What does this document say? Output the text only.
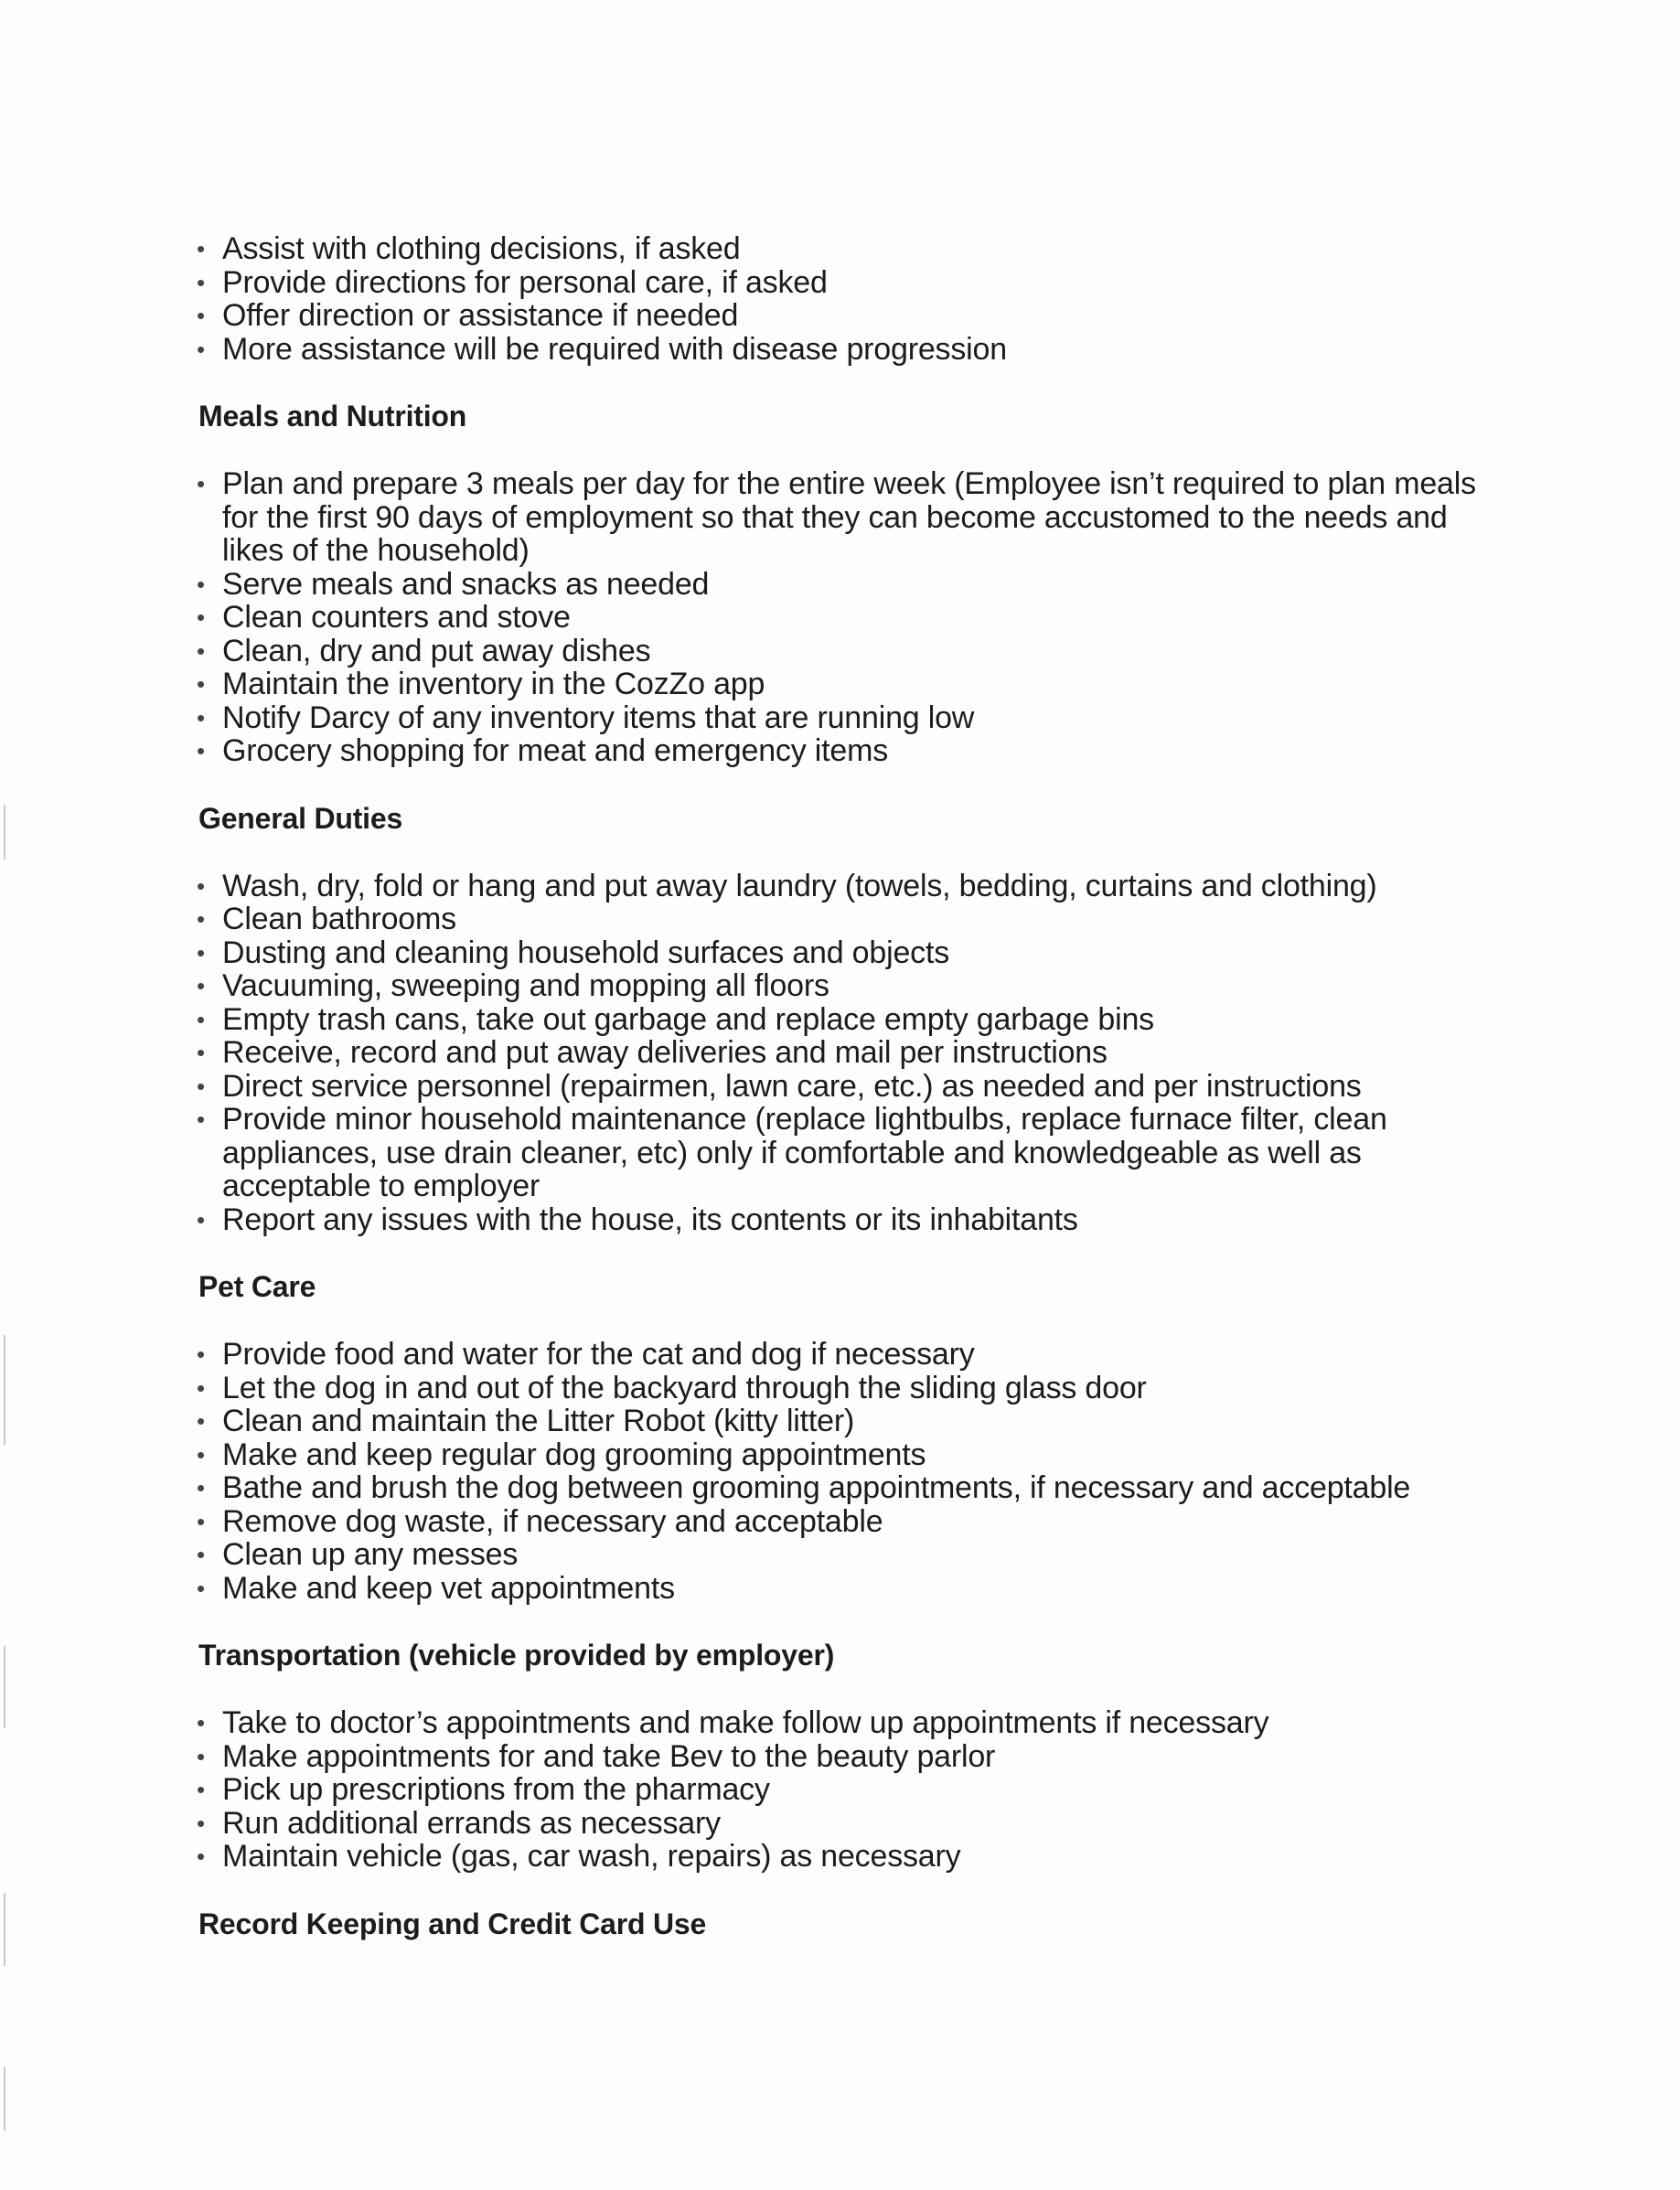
• Assist with clothing decisions, if asked
• Provide directions for personal care, if asked
• Offer direction or assistance if needed
• More assistance will be required with disease progression
Meals and Nutrition
• Plan and prepare 3 meals per day for the entire week (Employee isn’t required to plan meals for the first 90 days of employment so that they can become accustomed to the needs and likes of the household)
• Serve meals and snacks as needed
• Clean counters and stove
• Clean, dry and put away dishes
• Maintain the inventory in the CozZo app
• Notify Darcy of any inventory items that are running low
• Grocery shopping for meat and emergency items
General Duties
• Wash, dry, fold or hang and put away laundry (towels, bedding, curtains and clothing)
• Clean bathrooms
• Dusting and cleaning household surfaces and objects
• Vacuuming, sweeping and mopping all floors
• Empty trash cans, take out garbage and replace empty garbage bins
• Receive, record and put away deliveries and mail per instructions
• Direct service personnel (repairmen, lawn care, etc.) as needed and per instructions
• Provide minor household maintenance (replace lightbulbs, replace furnace filter, clean appliances, use drain cleaner, etc) only if comfortable and knowledgeable as well as acceptable to employer
• Report any issues with the house, its contents or its inhabitants
Pet Care
• Provide food and water for the cat and dog if necessary
• Let the dog in and out of the backyard through the sliding glass door
• Clean and maintain the Litter Robot (kitty litter)
• Make and keep regular dog grooming appointments
• Bathe and brush the dog between grooming appointments, if necessary and acceptable
• Remove dog waste, if necessary and acceptable
• Clean up any messes
• Make and keep vet appointments
Transportation (vehicle provided by employer)
• Take to doctor’s appointments and make follow up appointments if necessary
• Make appointments for and take Bev to the beauty parlor
• Pick up prescriptions from the pharmacy
• Run additional errands as necessary
• Maintain vehicle (gas, car wash, repairs) as necessary
Record Keeping and Credit Card Use
